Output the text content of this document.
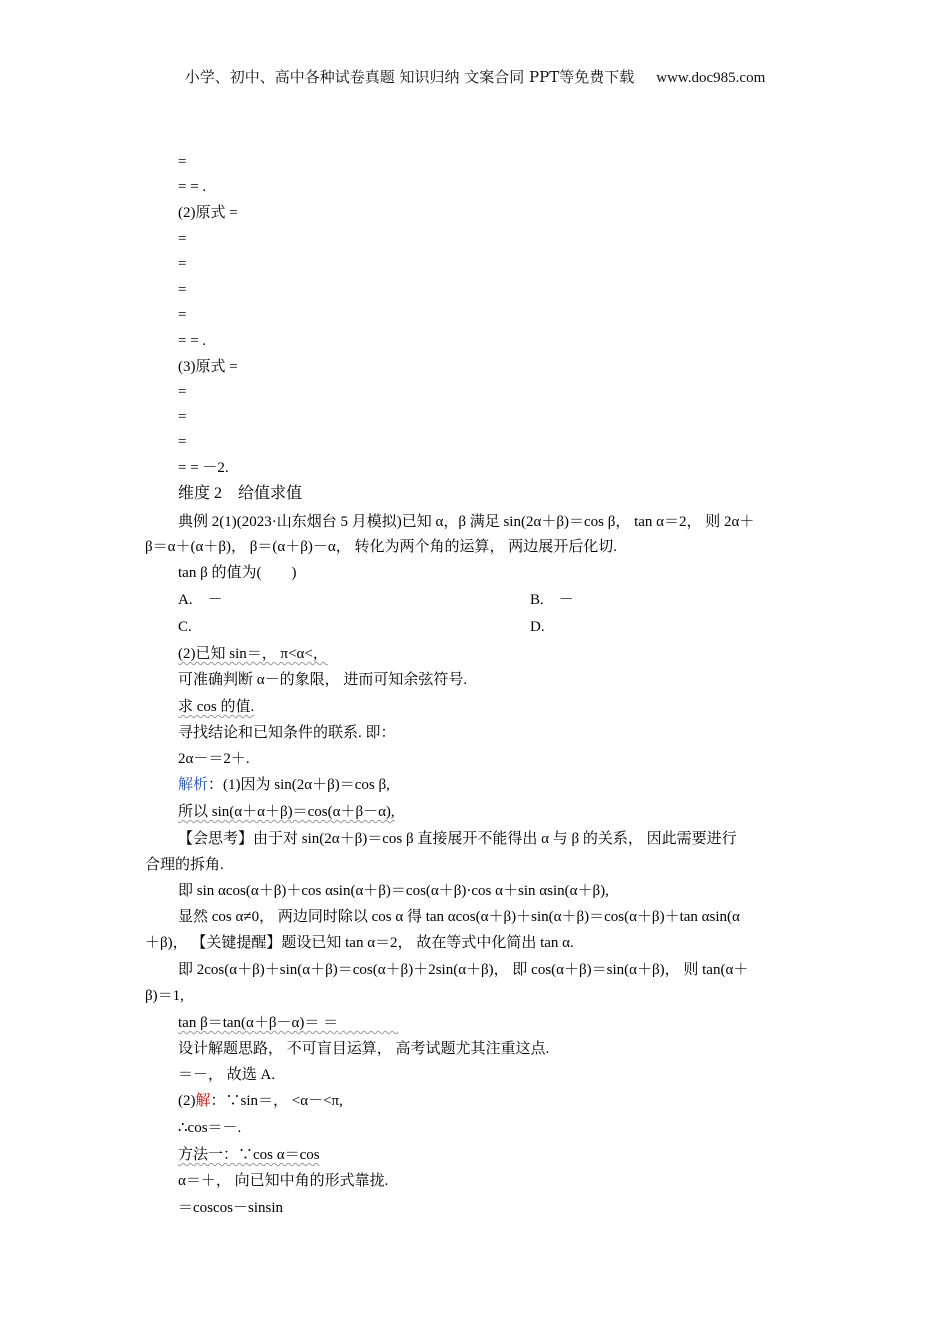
小学、初中、高中各种试卷真题 知识归纳 文案合同 PPT等免费下载 www.doc985.com
=
= = .
(2)原式 =
=
=
=
=
= = .
(3)原式 =
=
=
=
= = －2.
维度 2　给值求值
典例 2(1)(2023·山东烟台 5 月模拟)已知 α，β 满足 sin(2α＋β)＝cos β， tan α＝2， 则 2α＋
β＝α＋(α＋β)， β＝(α＋β)－α， 转化为两个角的运算， 两边展开后化切.
tan β 的值为(　　)
A.　－	B.　－
C.	D.
(2)已知 sin＝， π<α<，
可准确判断 α－的象限， 进而可知余弦符号.
求 cos 的值.
寻找结论和已知条件的联系. 即：
2α－＝2＋.
解析：(1)因为 sin(2α＋β)＝cos β,
所以 sin(α＋α＋β)＝cos(α＋β－α),
【会思考】由于对 sin(2α＋β)＝cos β 直接展开不能得出 α 与 β 的关系， 因此需要进行
合理的拆角.
即 sin αcos(α＋β)＋cos αsin(α＋β)＝cos(α＋β)·cos α＋sin αsin(α＋β),
显然 cos α≠0， 两边同时除以 cos α 得 tan αcos(α＋β)＋sin(α＋β)＝cos(α＋β)＋tan αsin(α
＋β)， 【关键提醒】题设已知 tan α＝2， 故在等式中化简出 tan α.
即 2cos(α＋β)＋sin(α＋β)＝cos(α＋β)＋2sin(α＋β)， 即 cos(α＋β)＝sin(α＋β)， 则 tan(α＋
β)＝1,
tan β＝tan(α＋β－α)＝ ＝    
设计解题思路， 不可盲目运算， 高考试题尤其注重这点.
＝－， 故选 A.
(2)解：∵sin＝， <α－<π,
∴cos＝－.
方法一：∵cos α＝cos
α＝＋， 向已知中角的形式靠拢.
＝coscos－sinsin
